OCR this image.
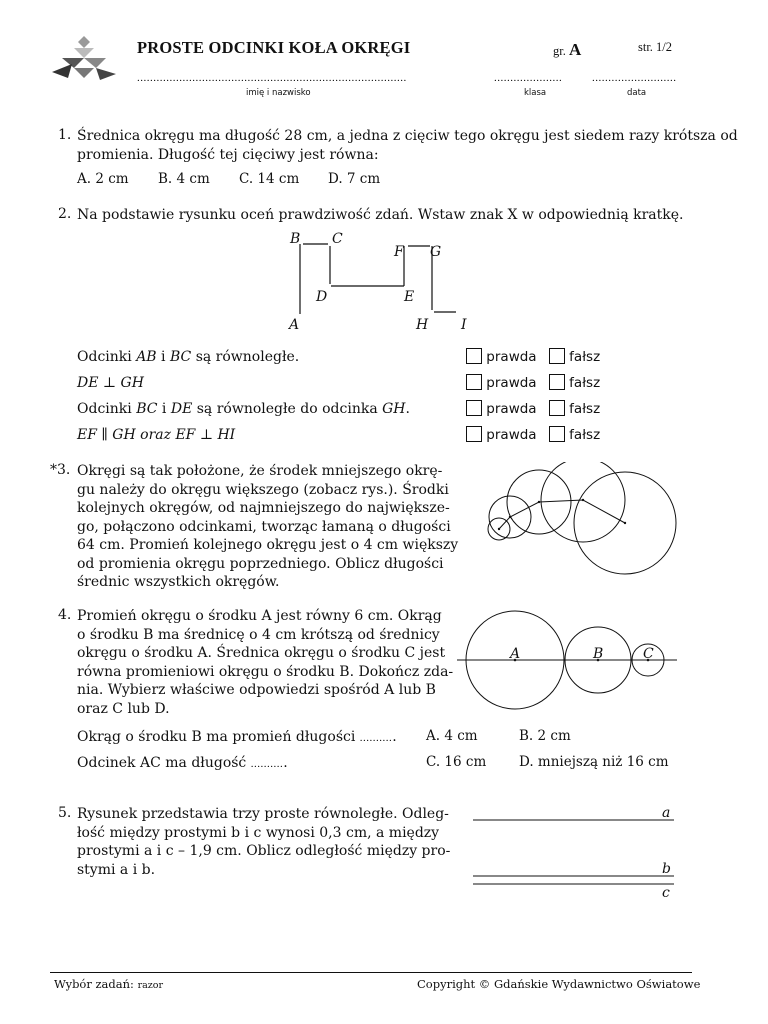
PROSTE ODCINKI KOŁA OKRĘGI	gr. A	str. 1/2
...................................................................................
imię i nazwisko
.....................
klasa
..........................
data
1. Średnica okręgu ma długość 28 cm, a jedna z cięciw tego okręgu jest siedem razy krótsza od
promienia. Długość tej cięciwy jest równa:
A. 2 cm B. 4 cm C. 14 cm D. 7 cm
2. Na podstawie rysunku oceń prawdziwość zdań. Wstaw znak X w odpowiednią kratkę.
B C
F G
D	E
A	H I
Odcinki AB i BC są równoległe.
DE ⊥ GH
Odcinki BC i DE są równoległe do odcinka GH.
EF ∥ GH oraz EF ⊥ HI
prawda fałsz
prawda fałsz
prawda fałsz
prawda fałsz
*3. Okręgi są tak położone, że środek mniejszego okrę-
gu należy do okręgu większego (zobacz rys.). Środki
kolejnych okręgów, od najmniejszego do największe-
go, połączono odcinkami, tworząc łamaną o długości
64 cm. Promień kolejnego okręgu jest o 4 cm większy
od promienia okręgu poprzedniego. Oblicz długości
średnic wszystkich okręgów.
4. Promień okręgu o środku A jest równy 6 cm. Okrąg
o środku B ma średnicę o 4 cm krótszą od średnicy
okręgu o środku A. Średnica okręgu o środku C jest
równa promieniowi okręgu o środku B. Dokończ zda-
nia. Wybierz właściwe odpowiedzi spośród A lub B
oraz C lub D.
A	B	C
Okrąg o środku B ma promień długości ...........
Odcinek AC ma długość ...........
A. 4 cm	B. 2 cm
C. 16 cm D. mniejszą niż 16 cm
5. Rysunek przedstawia trzy proste równoległe. Odleg-
łość między prostymi b i c wynosi 0,3 cm, a między
prostymi a i c – 1,9 cm. Oblicz odległość między pro-
stymi a i b.
a
b
c
Wybór zadań: razor	Copyright © Gdańskie Wydawnictwo Oświatowe
